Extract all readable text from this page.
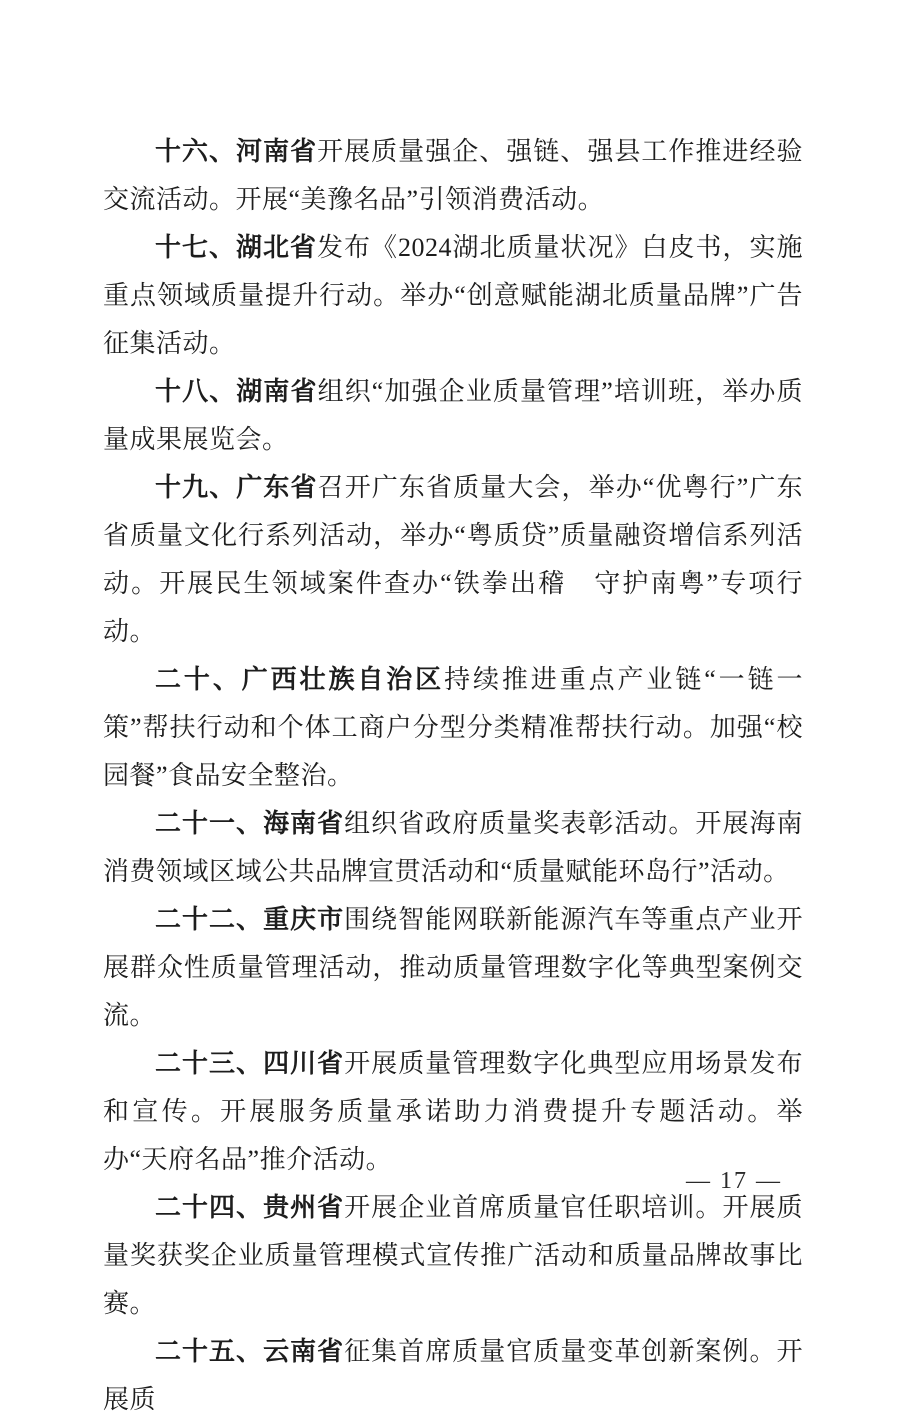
十六、河南省开展质量强企、强链、强县工作推进经验交流活动。开展“美豫名品”引领消费活动。

十七、湖北省发布《2024湖北质量状况》白皮书，实施重点领域质量提升行动。举办“创意赋能湖北质量品牌”广告征集活动。

十八、湖南省组织“加强企业质量管理”培训班，举办质量成果展览会。

十九、广东省召开广东省质量大会，举办“优粤行”广东省质量文化行系列活动，举办“粤质贷”质量融资增信系列活动。开展民生领域案件查办“铁拳出稽　守护南粤”专项行动。

二十、广西壮族自治区持续推进重点产业链“一链一策”帮扶行动和个体工商户分型分类精准帮扶行动。加强“校园餐”食品安全整治。

二十一、海南省组织省政府质量奖表彰活动。开展海南消费领域区域公共品牌宣贯活动和“质量赋能环岛行”活动。

二十二、重庆市围绕智能网联新能源汽车等重点产业开展群众性质量管理活动，推动质量管理数字化等典型案例交流。

二十三、四川省开展质量管理数字化典型应用场景发布和宣传。开展服务质量承诺助力消费提升专题活动。举办“天府名品”推介活动。

二十四、贵州省开展企业首席质量官任职培训。开展质量奖获奖企业质量管理模式宣传推广活动和质量品牌故事比赛。

二十五、云南省征集首席质量官质量变革创新案例。开展质

— 17 —
